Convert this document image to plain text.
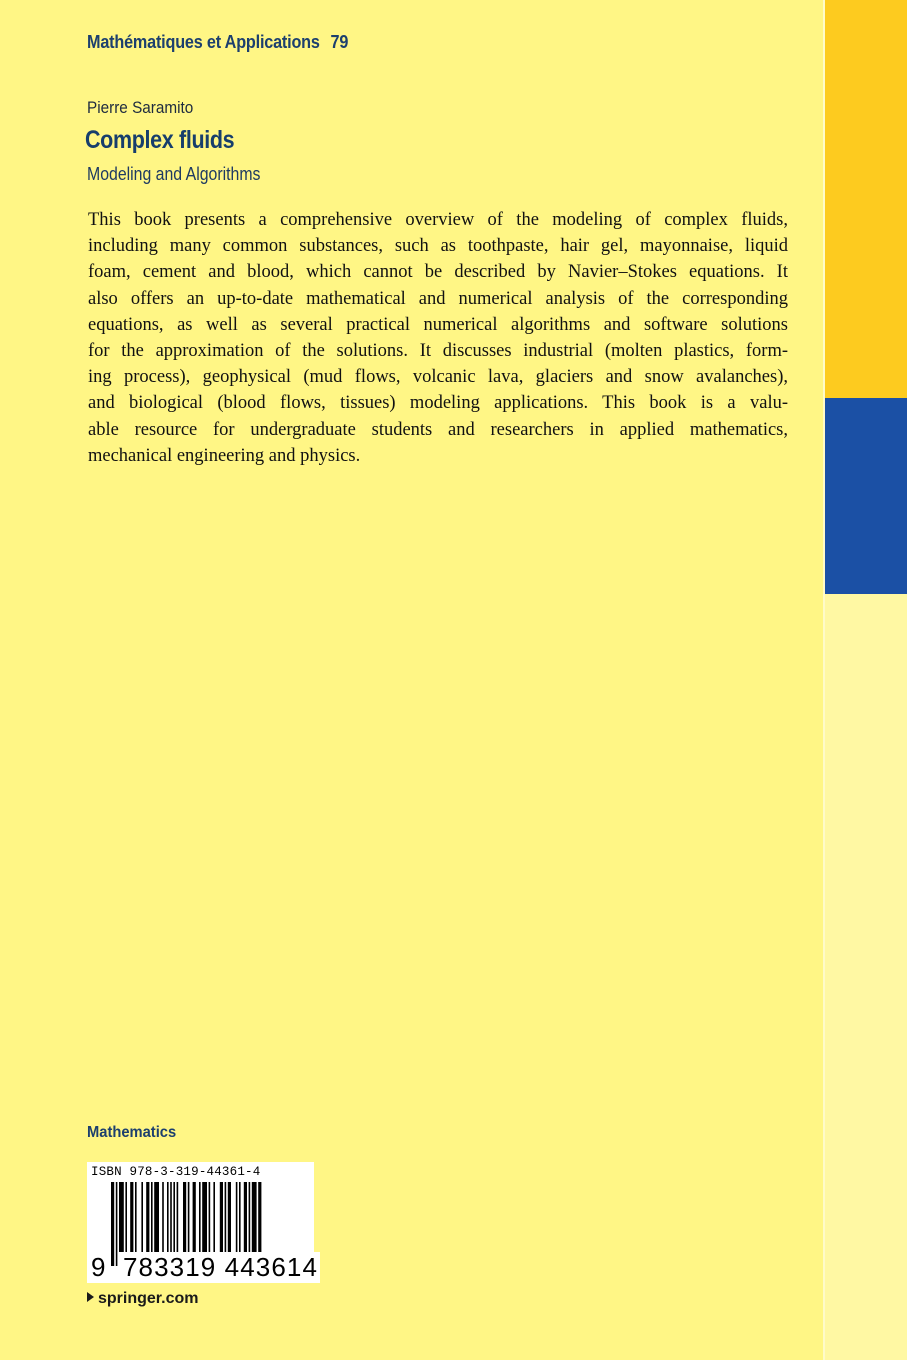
Mathématiques et Applications 79
Pierre Saramito
Complex fluids
Modeling and Algorithms
This book presents a comprehensive overview of the modeling of complex fluids,
including many common substances, such as toothpaste, hair gel, mayonnaise, liquid
foam, cement and blood, which cannot be described by Navier–Stokes equations. It
also offers an up-to-date mathematical and numerical analysis of the corresponding
equations, as well as several practical numerical algorithms and software solutions
for the approximation of the solutions. It discusses industrial (molten plastics, form-
ing process), geophysical (mud flows, volcanic lava, glaciers and snow avalanches),
and biological (blood flows, tissues) modeling applications. This book is a valu-
able resource for undergraduate students and researchers in applied mathematics,
mechanical engineering and physics.
Mathematics
ISBN 978-3-319-44361-4
9 783319 443614
springer.com
